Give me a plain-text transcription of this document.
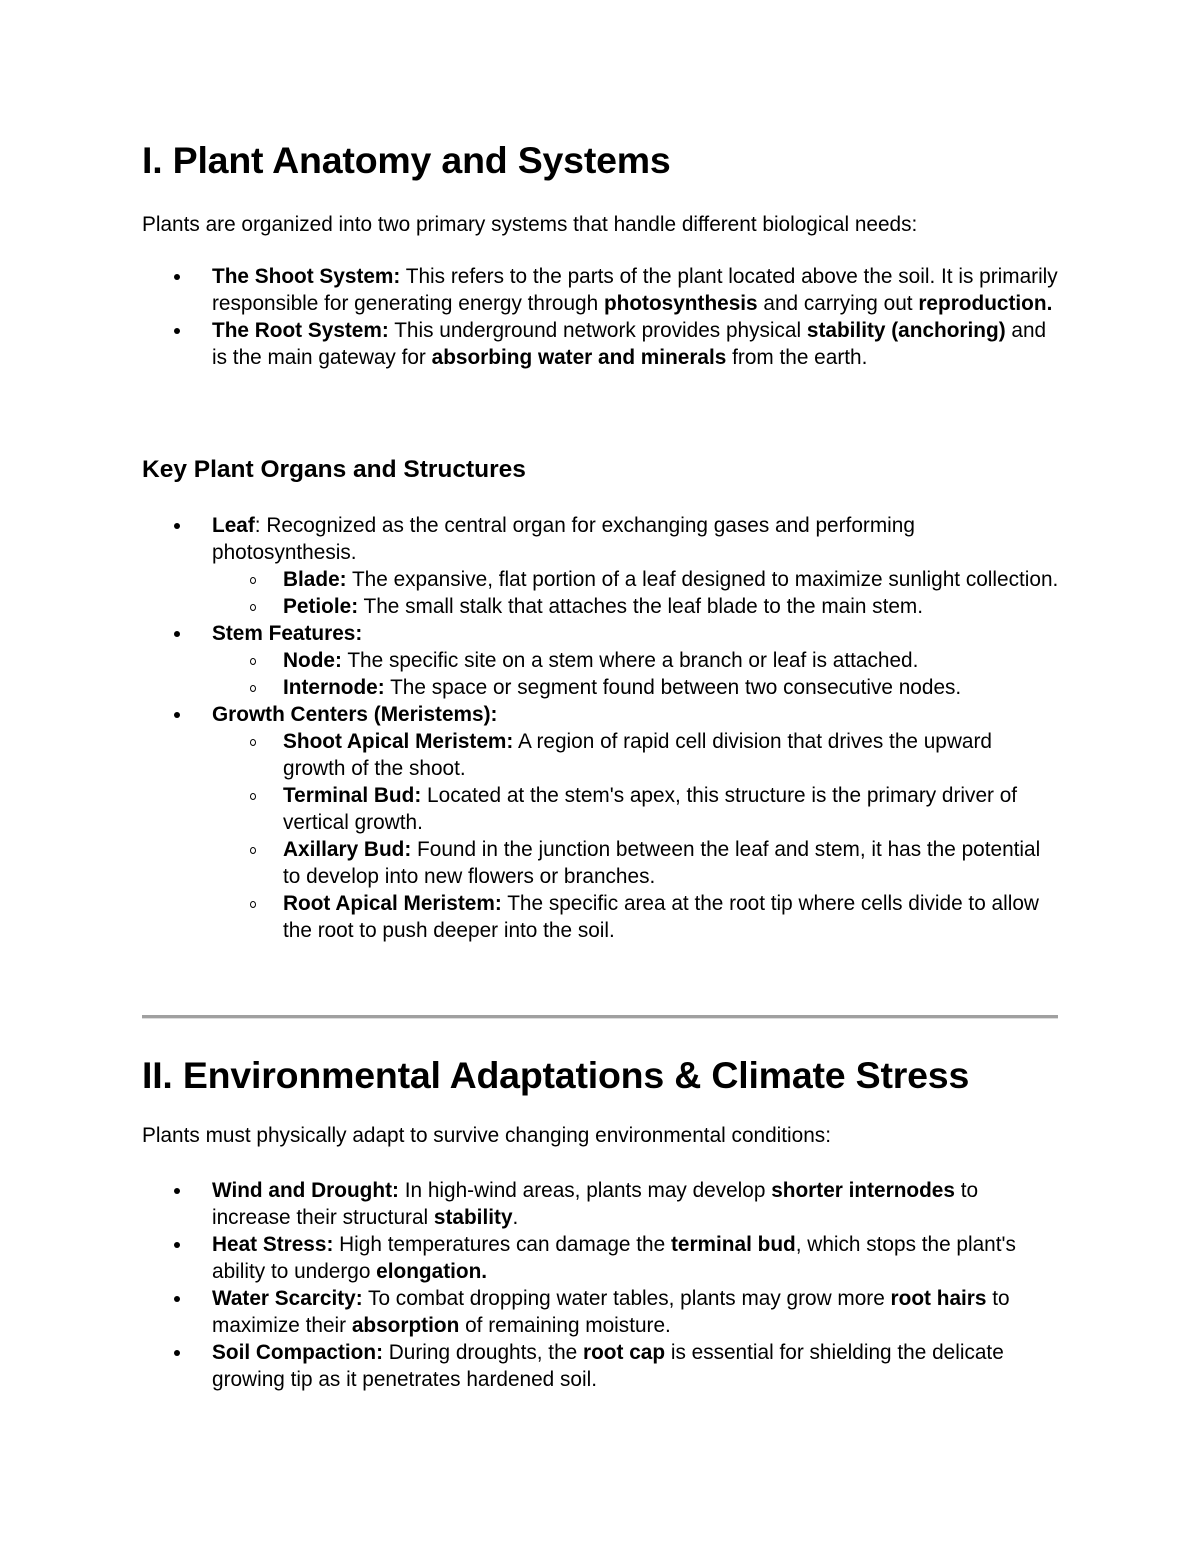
I. Plant Anatomy and Systems

Plants are organized into two primary systems that handle different biological needs:

The Shoot System: This refers to the parts of the plant located above the soil. It is primarily responsible for generating energy through photosynthesis and carrying out reproduction.
The Root System: This underground network provides physical stability (anchoring) and is the main gateway for absorbing water and minerals from the earth.
Key Plant Organs and Structures
Leaf: Recognized as the central organ for exchanging gases and performing photosynthesis.
Blade: The expansive, flat portion of a leaf designed to maximize sunlight collection.
Petiole: The small stalk that attaches the leaf blade to the main stem.
Stem Features:
Node: The specific site on a stem where a branch or leaf is attached.
Internode: The space or segment found between two consecutive nodes.
Growth Centers (Meristems):
Shoot Apical Meristem: A region of rapid cell division that drives the upward growth of the shoot.
Terminal Bud: Located at the stem's apex, this structure is the primary driver of vertical growth.
Axillary Bud: Found in the junction between the leaf and stem, it has the potential to develop into new flowers or branches.
Root Apical Meristem: The specific area at the root tip where cells divide to allow the root to push deeper into the soil.
II. Environmental Adaptations & Climate Stress

Plants must physically adapt to survive changing environmental conditions:

Wind and Drought: In high-wind areas, plants may develop shorter internodes to increase their structural stability.
Heat Stress: High temperatures can damage the terminal bud, which stops the plant's ability to undergo elongation.
Water Scarcity: To combat dropping water tables, plants may grow more root hairs to maximize their absorption of remaining moisture.
Soil Compaction: During droughts, the root cap is essential for shielding the delicate growing tip as it penetrates hardened soil.
